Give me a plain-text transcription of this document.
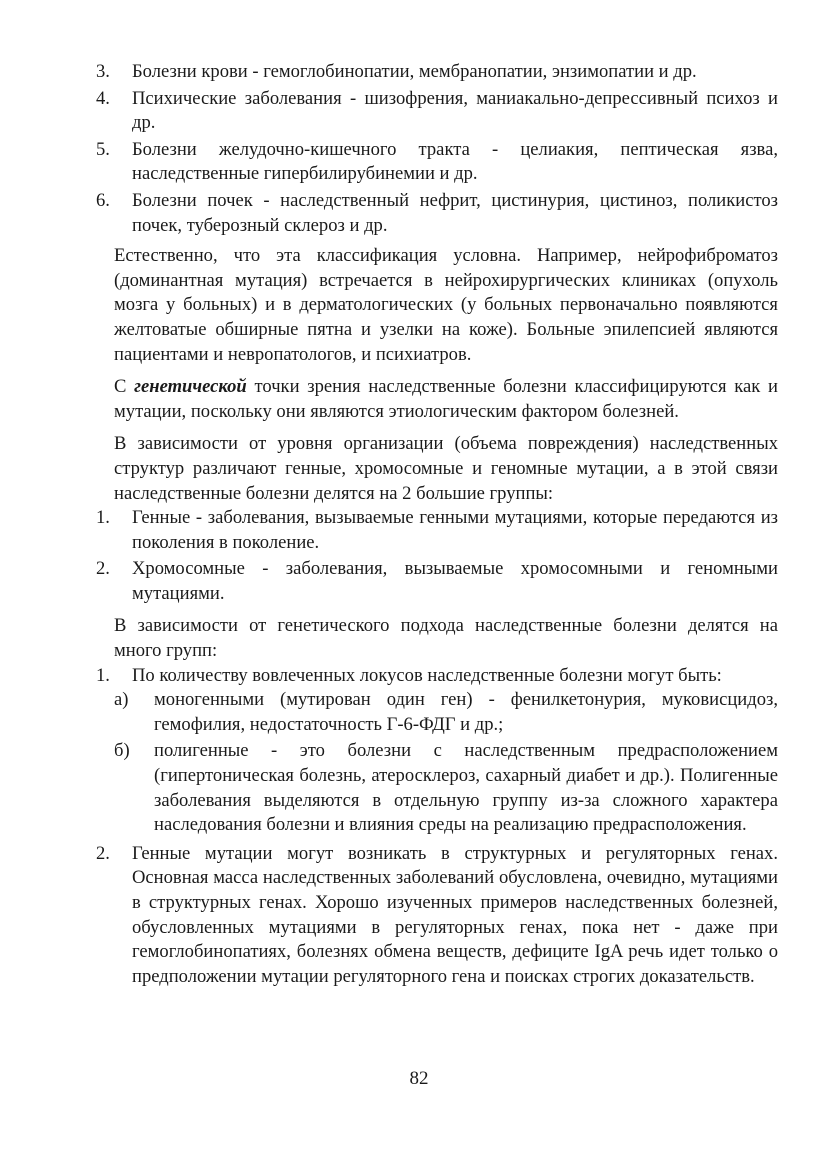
3.	Болезни крови - гемоглобинопатии, мембранопатии, энзимопатии и др.
4.	Психические заболевания - шизофрения, маниакально-депрессивный психоз и др.
5.	Болезни желудочно-кишечного тракта - целиакия, пептическая язва, наследственные гипербилирубинемии и др.
6.	Болезни почек - наследственный нефрит, цистинурия, цистиноз, поликистоз почек, туберозный склероз и др.

Естественно, что эта классификация условна. Например, нейрофиброматоз (доминантная мутация) встречается в нейрохирургических клиниках (опухоль мозга у больных) и в дерматологических (у больных первоначально появляются желтоватые обширные пятна и узелки на коже). Больные эпилепсией являются пациентами и невропатологов, и психиатров.

С генетической точки зрения наследственные болезни классифицируются как и мутации, поскольку они являются этиологическим фактором болезней.

В зависимости от уровня организации (объема повреждения) наследственных структур различают генные, хромосомные и геномные мутации, а в этой связи наследственные болезни делятся на 2 большие группы:

1.	Генные - заболевания, вызываемые генными мутациями, которые передаются из поколения в поколение.
2.	Хромосомные - заболевания, вызываемые хромосомными и геномными мутациями.

В зависимости от генетического подхода наследственные болезни делятся на много групп:

1.	По количеству вовлеченных локусов наследственные болезни могут быть:
а)	моногенными (мутирован один ген) - фенилкетонурия, муковисцидоз, гемофилия, недостаточность Г-6-ФДГ и др.;
б)	полигенные - это болезни с наследственным предрасположением (гипертоническая болезнь, атеросклероз, сахарный диабет и др.). Полигенные заболевания выделяются в отдельную группу из-за сложного характера наследования болезни и влияния среды на реализацию предрасположения.
2.	Генные мутации могут возникать в структурных и регуляторных генах. Основная масса наследственных заболеваний обусловлена, очевидно, мутациями в структурных генах. Хорошо изученных примеров наследственных болезней, обусловленных мутациями в регуляторных генах, пока нет - даже при гемоглобинопатиях, болезнях обмена веществ, дефиците IgA речь идет только о предположении мутации регуляторного гена и поисках строгих доказательств.
82
